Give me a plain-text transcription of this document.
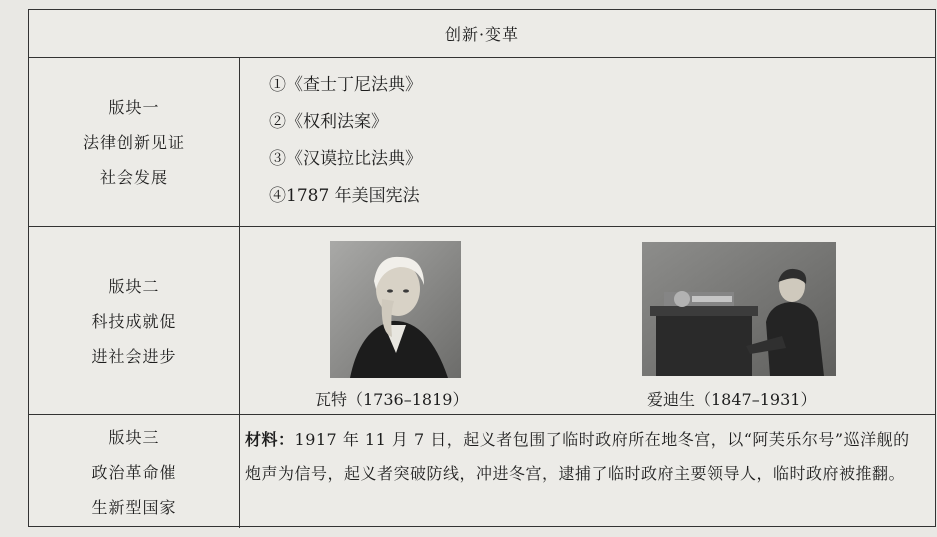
创新·变革
版块一
法律创新见证
社会发展
①《查士丁尼法典》
②《权利法案》
③《汉谟拉比法典》
④1787 年美国宪法
版块二
科技成就促
进社会进步
瓦特（1736–1819）	爱迪生（1847–1931）
版块三
政治革命催
生新型国家
材料：1917 年 11 月 7 日，起义者包围了临时政府所在地冬宫，以“阿芙乐尔号”巡洋舰的炮声为信号，起义者突破防线，冲进冬宫，逮捕了临时政府主要领导人，临时政府被推翻。
